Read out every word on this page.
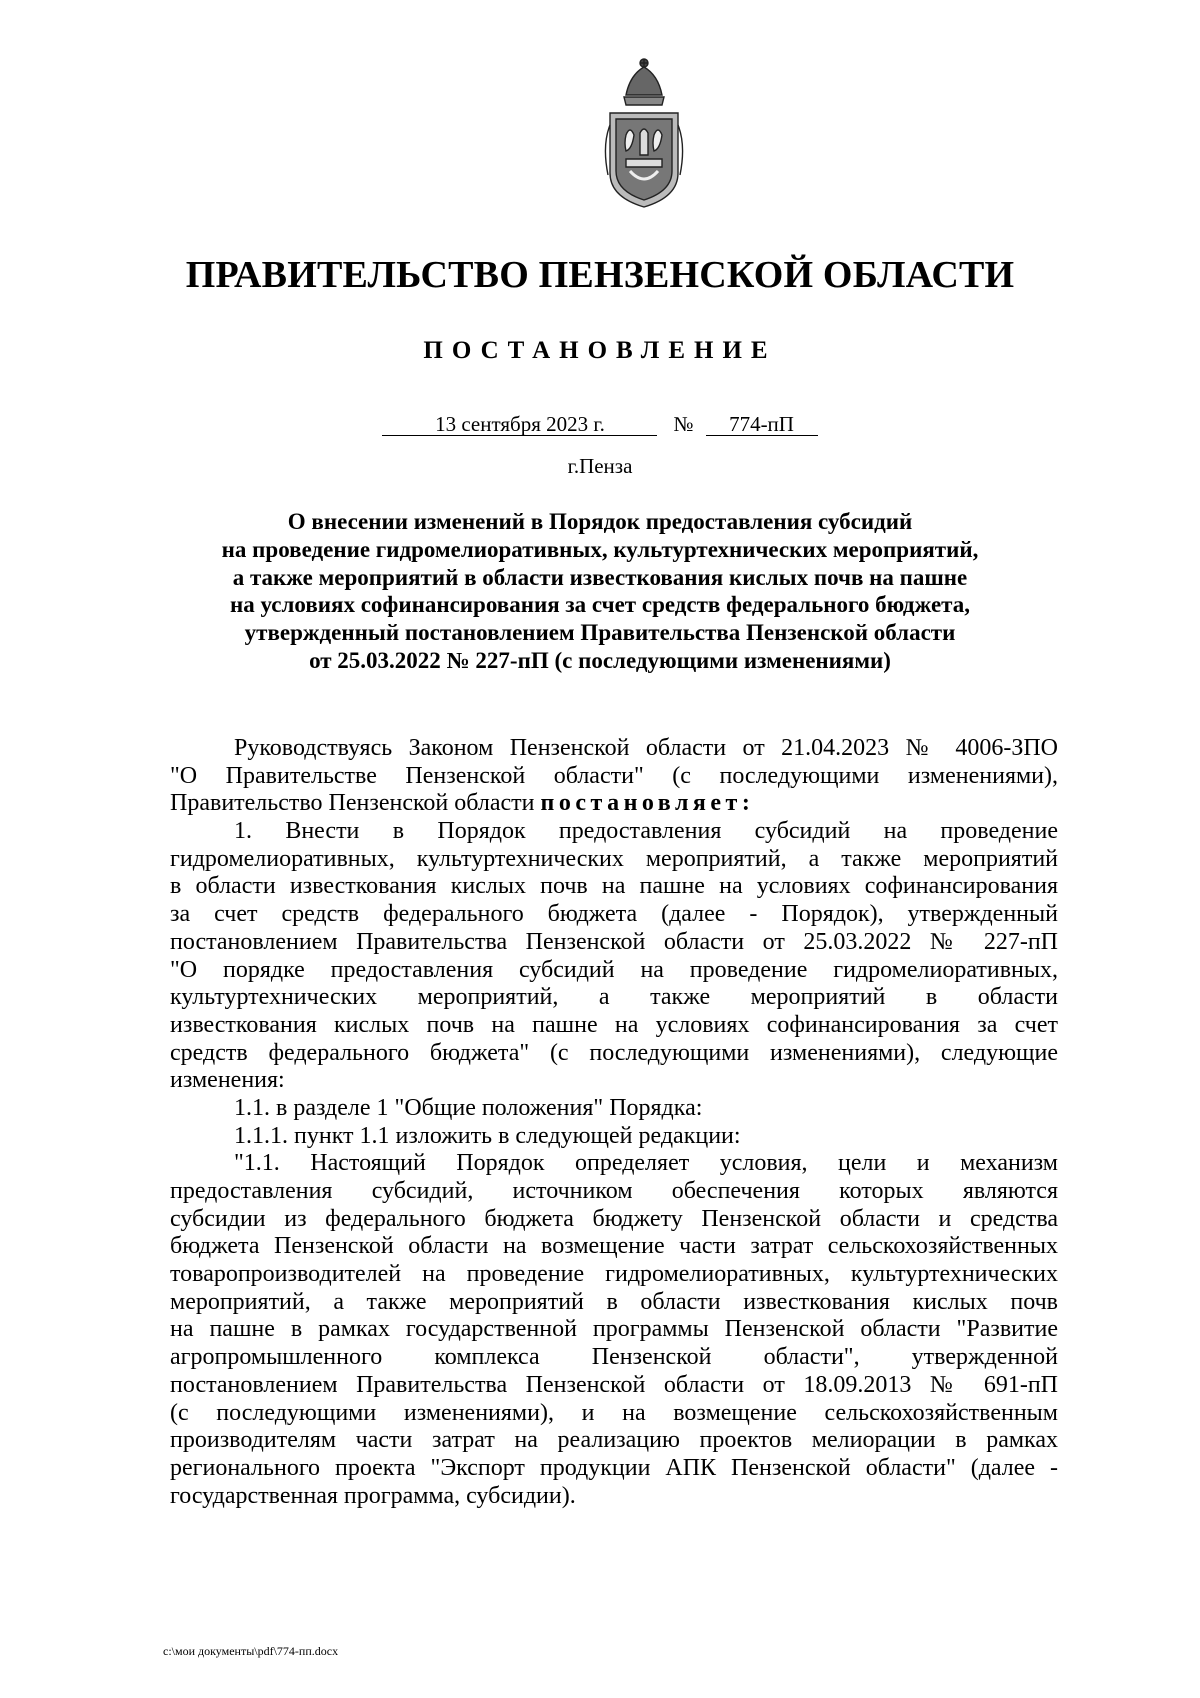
ПРАВИТЕЛЬСТВО ПЕНЗЕНСКОЙ ОБЛАСТИ
ПОСТАНОВЛЕНИЕ
13 сентября 2023 г.	№ 774-пП
г.Пенза
О внесении изменений в Порядок предоставления субсидий
на проведение гидромелиоративных, культуртехнических мероприятий,
а также мероприятий в области известкования кислых почв на пашне
на условиях софинансирования за счет средств федерального бюджета,
утвержденный постановлением Правительства Пензенской области
от 25.03.2022 № 227-пП (с последующими изменениями)
Руководствуясь Законом Пензенской области от 21.04.2023 № 4006-ЗПО
"О Правительстве Пензенской области" (с последующими изменениями),
Правительство Пензенской области постановляет:
1. Внести в Порядок предоставления субсидий на проведение
гидромелиоративных, культуртехнических мероприятий, а также мероприятий
в области известкования кислых почв на пашне на условиях софинансирования
за счет средств федерального бюджета (далее - Порядок), утвержденный
постановлением Правительства Пензенской области от 25.03.2022 № 227-пП
"О порядке предоставления субсидий на проведение гидромелиоративных,
культуртехнических мероприятий, а также мероприятий в области
известкования кислых почв на пашне на условиях софинансирования за счет
средств федерального бюджета" (с последующими изменениями), следующие
изменения:
1.1. в разделе 1 "Общие положения" Порядка:
1.1.1. пункт 1.1 изложить в следующей редакции:
"1.1. Настоящий Порядок определяет условия, цели и механизм
предоставления субсидий, источником обеспечения которых являются
субсидии из федерального бюджета бюджету Пензенской области и средства
бюджета Пензенской области на возмещение части затрат сельскохозяйственных
товаропроизводителей на проведение гидромелиоративных, культуртехнических
мероприятий, а также мероприятий в области известкования кислых почв
на пашне в рамках государственной программы Пензенской области "Развитие
агропромышленного комплекса Пензенской области", утвержденной
постановлением Правительства Пензенской области от 18.09.2013 № 691-пП
(с последующими изменениями), и на возмещение сельскохозяйственным
производителям части затрат на реализацию проектов мелиорации в рамках
регионального проекта "Экспорт продукции АПК Пензенской области" (далее -
государственная программа, субсидии).
c:\мои документы\pdf\774-пп.docx
